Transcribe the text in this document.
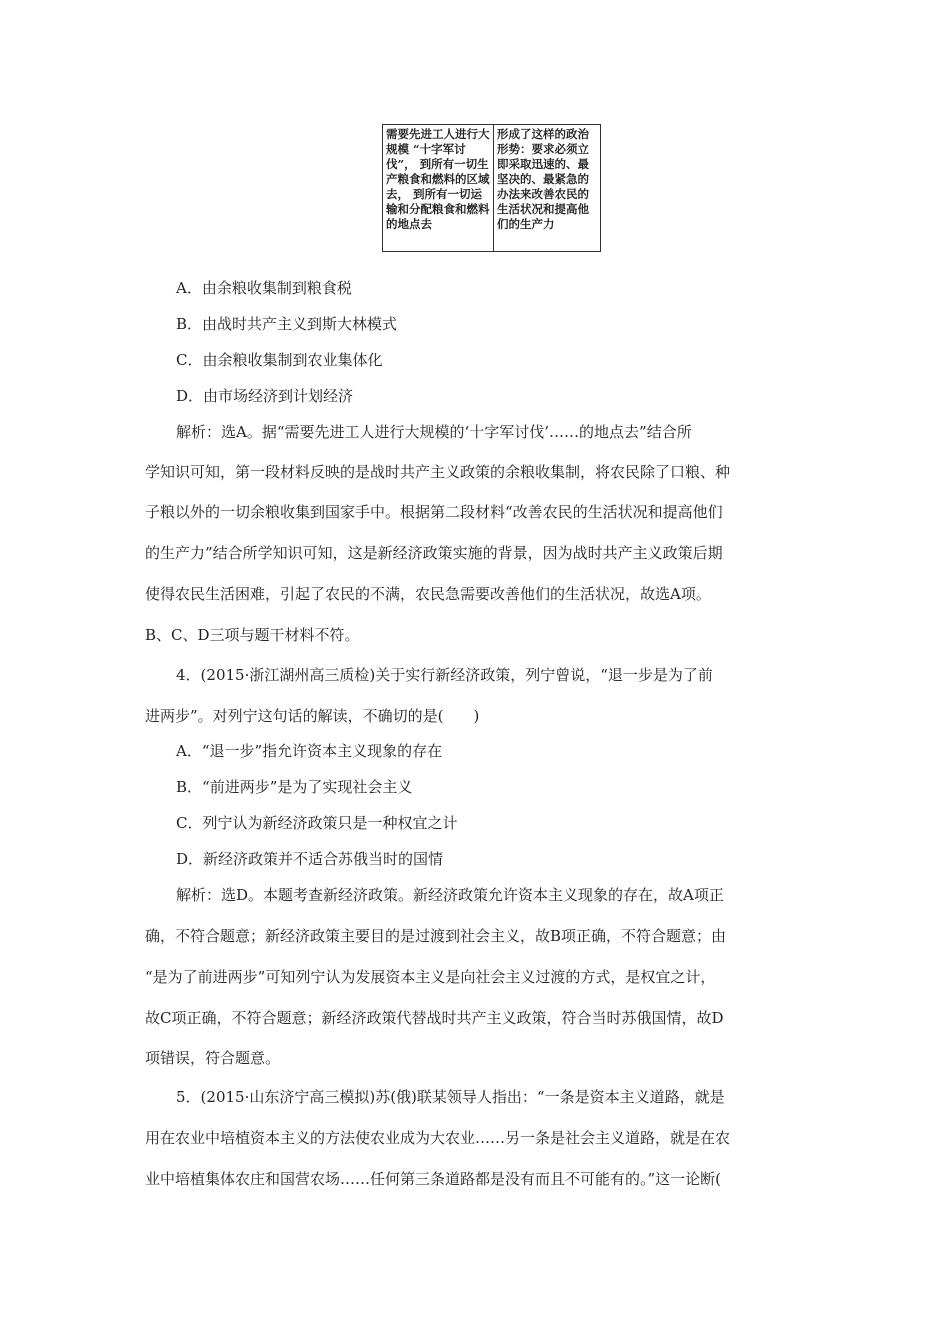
需要先进工人进行大规模 “十字军讨伐”， 到所有一切生产粮食和燃料的区域去， 到所有一切运输和分配粮食和燃料的地点去
形成了这样的政治形势：要求必须立即采取迅速的、最坚决的、最紧急的办法来改善农民的生活状况和提高他们的生产力
A．由余粮收集制到粮食税
B．由战时共产主义到斯大林模式
C．由余粮收集制到农业集体化
D．由市场经济到计划经济
解析：选A。据“需要先进工人进行大规模的‘十字军讨伐’……的地点去”结合所
学知识可知，第一段材料反映的是战时共产主义政策的余粮收集制，将农民除了口粮、种
子粮以外的一切余粮收集到国家手中。根据第二段材料“改善农民的生活状况和提高他们
的生产力”结合所学知识可知，这是新经济政策实施的背景，因为战时共产主义政策后期
使得农民生活困难，引起了农民的不满，农民急需要改善他们的生活状况，故选A项。
B、C、D三项与题干材料不符。
4．(2015·浙江湖州高三质检)关于实行新经济政策，列宁曾说，“退一步是为了前
进两步”。对列宁这句话的解读，不确切的是(　　)
A．“退一步”指允许资本主义现象的存在
B．“前进两步”是为了实现社会主义
C．列宁认为新经济政策只是一种权宜之计
D．新经济政策并不适合苏俄当时的国情
解析：选D。本题考查新经济政策。新经济政策允许资本主义现象的存在，故A项正
确，不符合题意；新经济政策主要目的是过渡到社会主义，故B项正确，不符合题意；由
“是为了前进两步”可知列宁认为发展资本主义是向社会主义过渡的方式，是权宜之计，
故C项正确，不符合题意；新经济政策代替战时共产主义政策，符合当时苏俄国情，故D
项错误，符合题意。
5．(2015·山东济宁高三模拟)苏(俄)联某领导人指出：“一条是资本主义道路，就是
用在农业中培植资本主义的方法使农业成为大农业……另一条是社会主义道路，就是在农
业中培植集体农庄和国营农场……任何第三条道路都是没有而且不可能有的。”这一论断(
